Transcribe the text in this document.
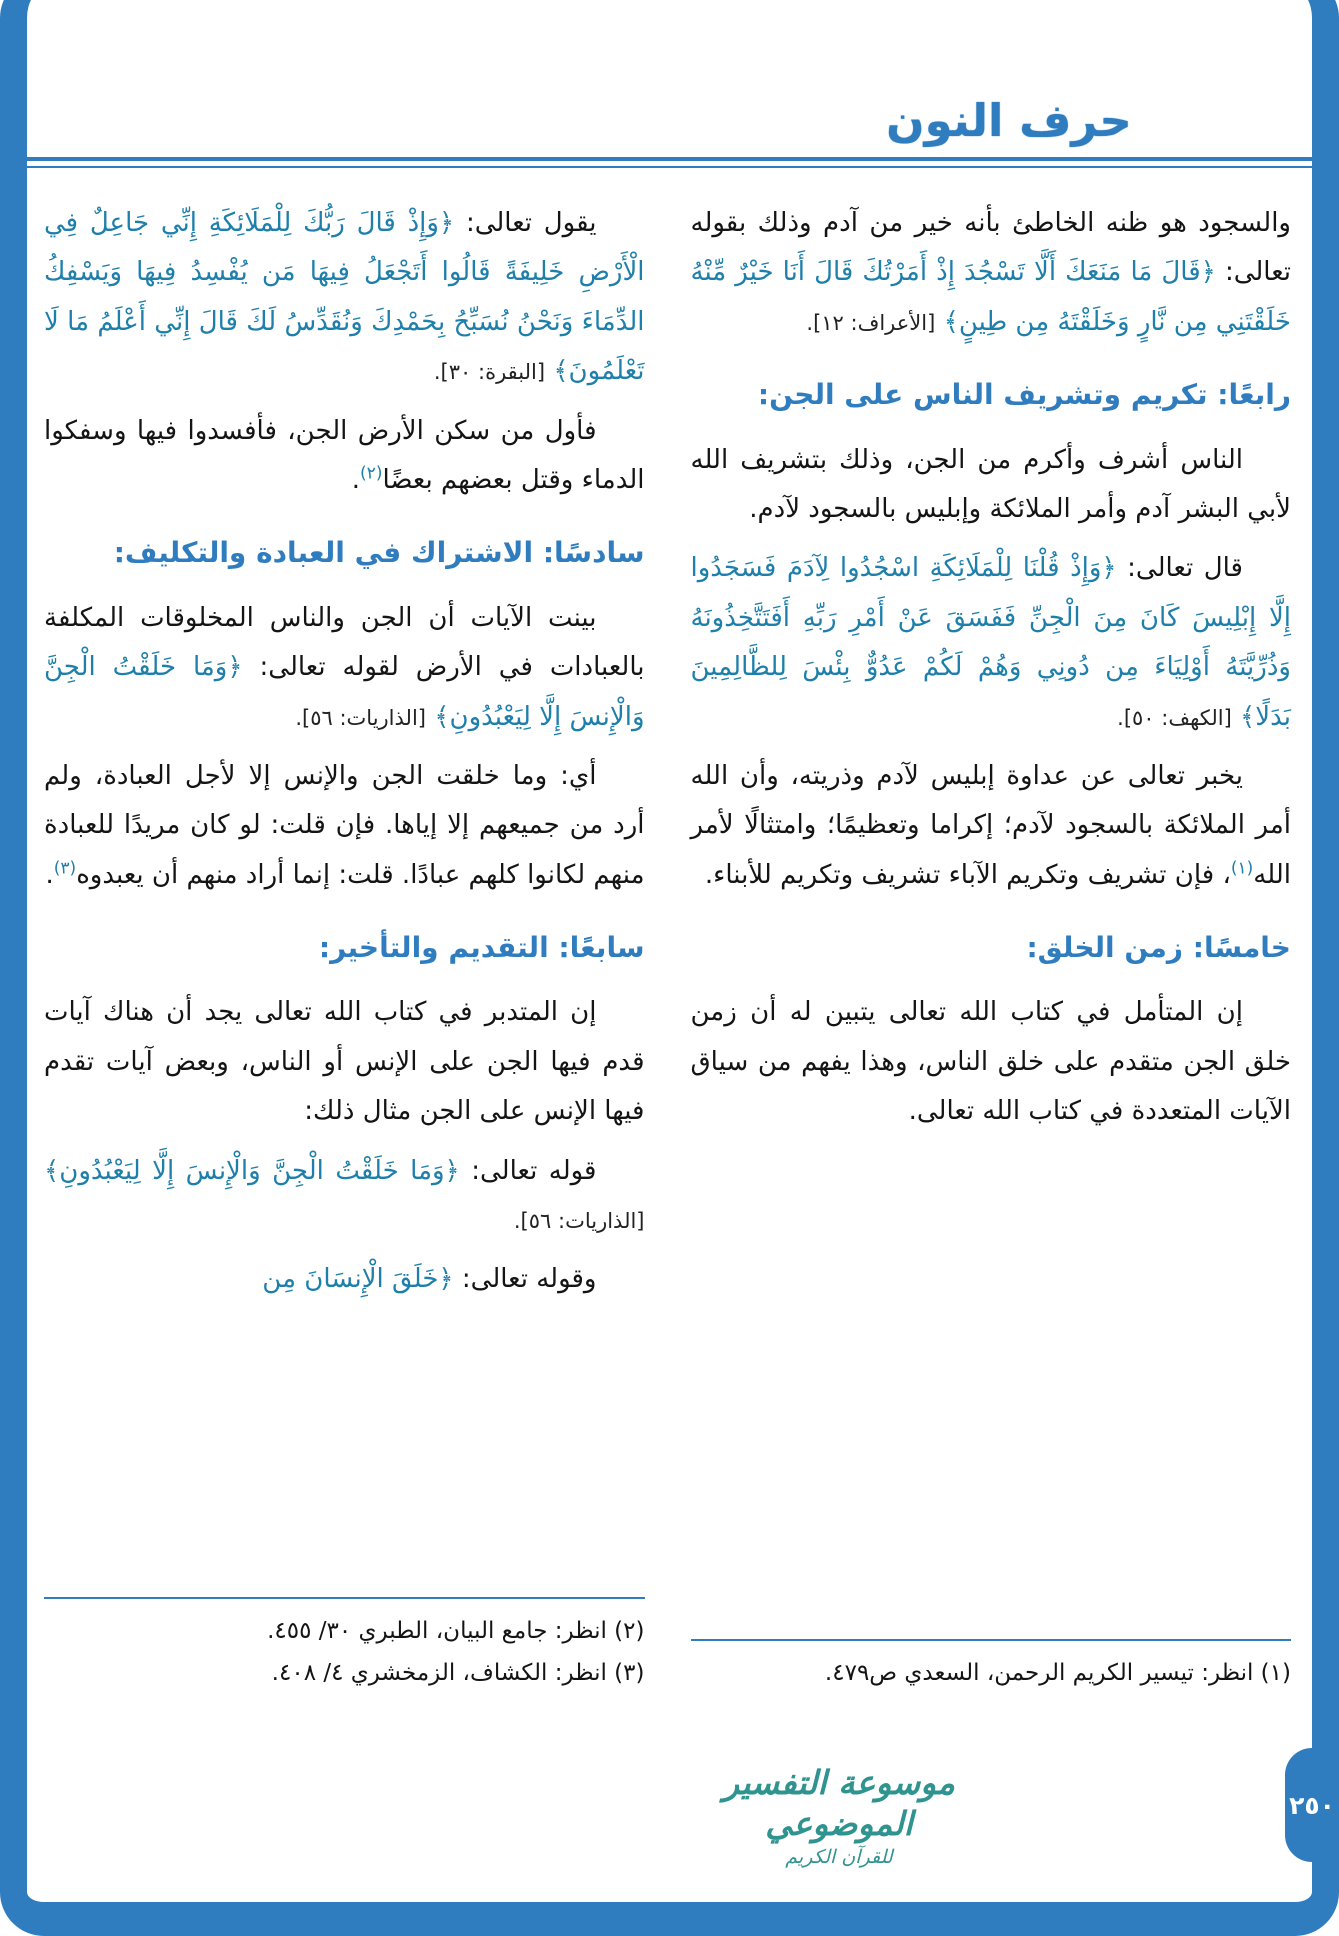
حرف النون

والسجود هو ظنه الخاطئ بأنه خير من آدم وذلك بقوله تعالى: ﴿قَالَ مَا مَنَعَكَ أَلَّا تَسْجُدَ إِذْ أَمَرْتُكَ قَالَ أَنَا خَيْرٌ مِّنْهُ خَلَقْتَنِي مِن نَّارٍ وَخَلَقْتَهُ مِن طِينٍ﴾ [الأعراف: ١٢].

رابعًا: تكريم وتشريف الناس على الجن:

الناس أشرف وأكرم من الجن، وذلك بتشريف الله لأبي البشر آدم وأمر الملائكة وإبليس بالسجود لآدم.

قال تعالى: ﴿وَإِذْ قُلْنَا لِلْمَلَائِكَةِ اسْجُدُوا لِآدَمَ فَسَجَدُوا إِلَّا إِبْلِيسَ كَانَ مِنَ الْجِنِّ فَفَسَقَ عَنْ أَمْرِ رَبِّهِ أَفَتَتَّخِذُونَهُ وَذُرِّيَّتَهُ أَوْلِيَاءَ مِن دُونِي وَهُمْ لَكُمْ عَدُوٌّ بِئْسَ لِلظَّالِمِينَ بَدَلًا﴾ [الكهف: ٥٠].

يخبر تعالى عن عداوة إبليس لآدم وذريته، وأن الله أمر الملائكة بالسجود لآدم؛ إكراما وتعظيمًا؛ وامتثالًا لأمر الله$^{(١)}$، فإن تشريف وتكريم الآباء تشريف وتكريم للأبناء.

خامسًا: زمن الخلق:

إن المتأمل في كتاب الله تعالى يتبين له أن زمن خلق الجن متقدم على خلق الناس، وهذا يفهم من سياق الآيات المتعددة في كتاب الله تعالى.

(١) انظر: تيسير الكريم الرحمن، السعدي ص٤٧٩.

يقول تعالى: ﴿وَإِذْ قَالَ رَبُّكَ لِلْمَلَائِكَةِ إِنِّي جَاعِلٌ فِي الْأَرْضِ خَلِيفَةً قَالُوا أَتَجْعَلُ فِيهَا مَن يُفْسِدُ فِيهَا وَيَسْفِكُ الدِّمَاءَ وَنَحْنُ نُسَبِّحُ بِحَمْدِكَ وَنُقَدِّسُ لَكَ قَالَ إِنِّي أَعْلَمُ مَا لَا تَعْلَمُونَ﴾ [البقرة: ٣٠].

فأول من سكن الأرض الجن، فأفسدوا فيها وسفكوا الدماء وقتل بعضهم بعضًا$^{(٢)}$.

سادسًا: الاشتراك في العبادة والتكليف:

بينت الآيات أن الجن والناس المخلوقات المكلفة بالعبادات في الأرض لقوله تعالى: ﴿وَمَا خَلَقْتُ الْجِنَّ وَالْإِنسَ إِلَّا لِيَعْبُدُونِ﴾ [الذاريات: ٥٦].

أي: وما خلقت الجن والإنس إلا لأجل العبادة، ولم أرد من جميعهم إلا إياها. فإن قلت: لو كان مريدًا للعبادة منهم لكانوا كلهم عبادًا. قلت: إنما أراد منهم أن يعبدوه$^{(٣)}$.

سابعًا: التقديم والتأخير:

إن المتدبر في كتاب الله تعالى يجد أن هناك آيات قدم فيها الجن على الإنس أو الناس، وبعض آيات تقدم فيها الإنس على الجن مثال ذلك:

قوله تعالى: ﴿وَمَا خَلَقْتُ الْجِنَّ وَالْإِنسَ إِلَّا لِيَعْبُدُونِ﴾ [الذاريات: ٥٦].

وقوله تعالى: ﴿خَلَقَ الْإِنسَانَ مِن

(٢) انظر: جامع البيان، الطبري ٣٠/ ٤٥٥.
(٣) انظر: الكشاف، الزمخشري ٤/ ٤٠٨.
موسوعة التفسير الموضوعي
للقرآن الكريم
٢٥٠
